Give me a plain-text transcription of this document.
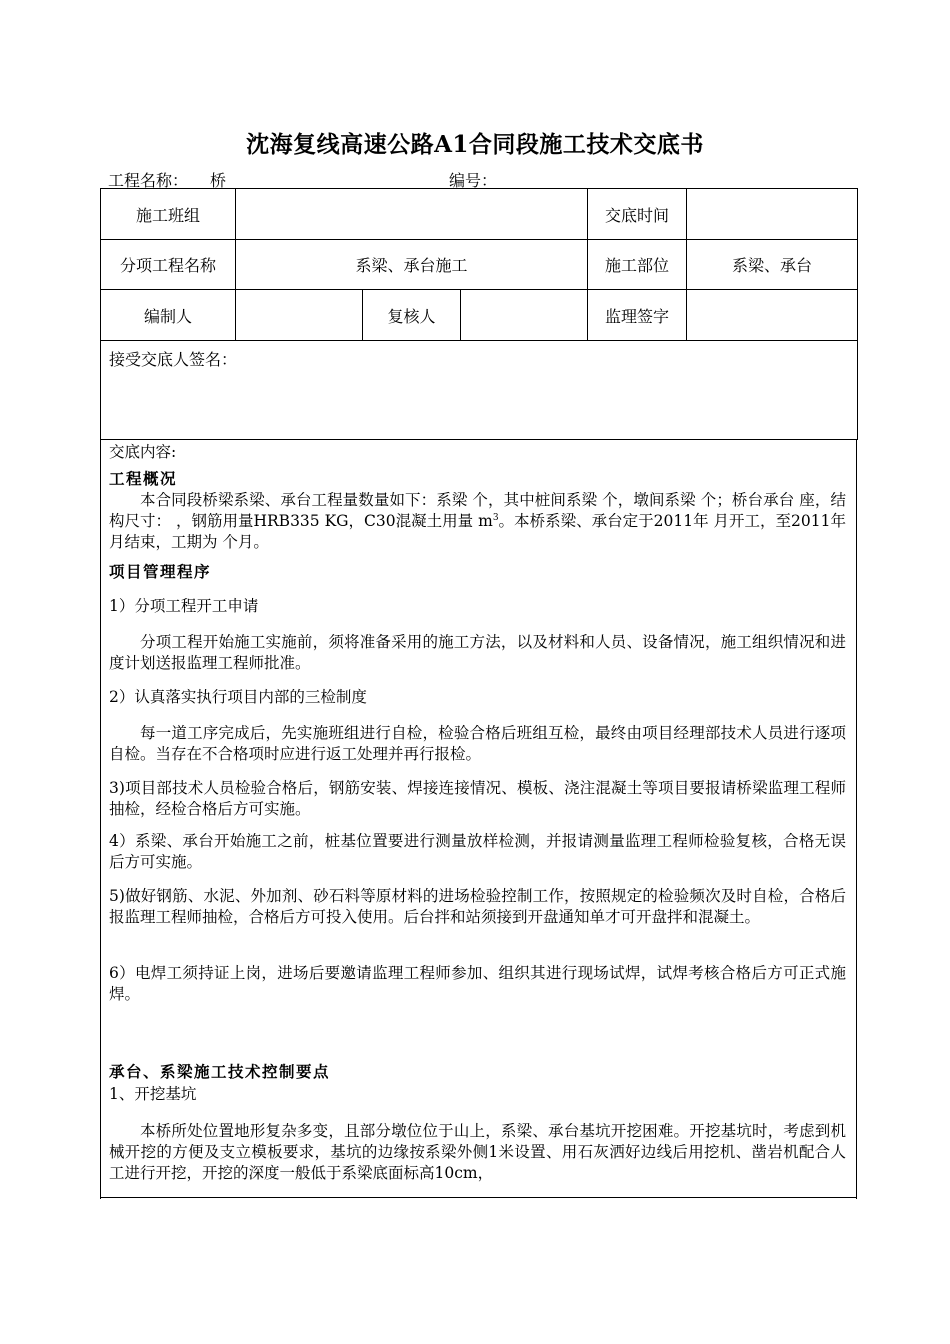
沈海复线高速公路A1合同段施工技术交底书
工程名称： 桥	编号：
施工班组				交底时间	
分项工程名称	系梁、承台施工			施工部位	系梁、承台
编制人		复核人		监理签字	

接受交底人签名：					

交底内容:

工程概况

本合同段桥梁系梁、承台工程量数量如下：系梁 个，其中桩间系梁 个，墩间系梁 个；桥台承台 座，结构尺寸： ，钢筋用量HRB335 KG，C30混凝土用量 $m^3$。本桥系梁、承台定于2011年 月开工，至2011年 月结束，工期为 个月。

项目管理程序

1）分项工程开工申请

分项工程开始施工实施前，须将准备采用的施工方法，以及材料和人员、设备情况，施工组织情况和进度计划送报监理工程师批准。

2）认真落实执行项目内部的三检制度

每一道工序完成后，先实施班组进行自检，检验合格后班组互检，最终由项目经理部技术人员进行逐项自检。当存在不合格项时应进行返工处理并再行报检。

3)项目部技术人员检验合格后，钢筋安装、焊接连接情况、模板、浇注混凝土等项目要报请桥梁监理工程师抽检，经检合格后方可实施。

4）系梁、承台开始施工之前，桩基位置要进行测量放样检测，并报请测量监理工程师检验复核，合格无误后方可实施。

5)做好钢筋、水泥、外加剂、砂石料等原材料的进场检验控制工作，按照规定的检验频次及时自检，合格后报监理工程师抽检，合格后方可投入使用。后台拌和站须接到开盘通知单才可开盘拌和混凝土。

6）电焊工须持证上岗，进场后要邀请监理工程师参加、组织其进行现场试焊，试焊考核合格后方可正式施焊。

承台、系梁施工技术控制要点

1、开挖基坑

本桥所处位置地形复杂多变，且部分墩位位于山上，系梁、承台基坑开挖困难。开挖基坑时，考虑到机械开挖的方便及支立模板要求，基坑的边缘按系梁外侧1米设置、用石灰洒好边线后用挖机、凿岩机配合人工进行开挖，开挖的深度一般低于系梁底面标高10cm，
